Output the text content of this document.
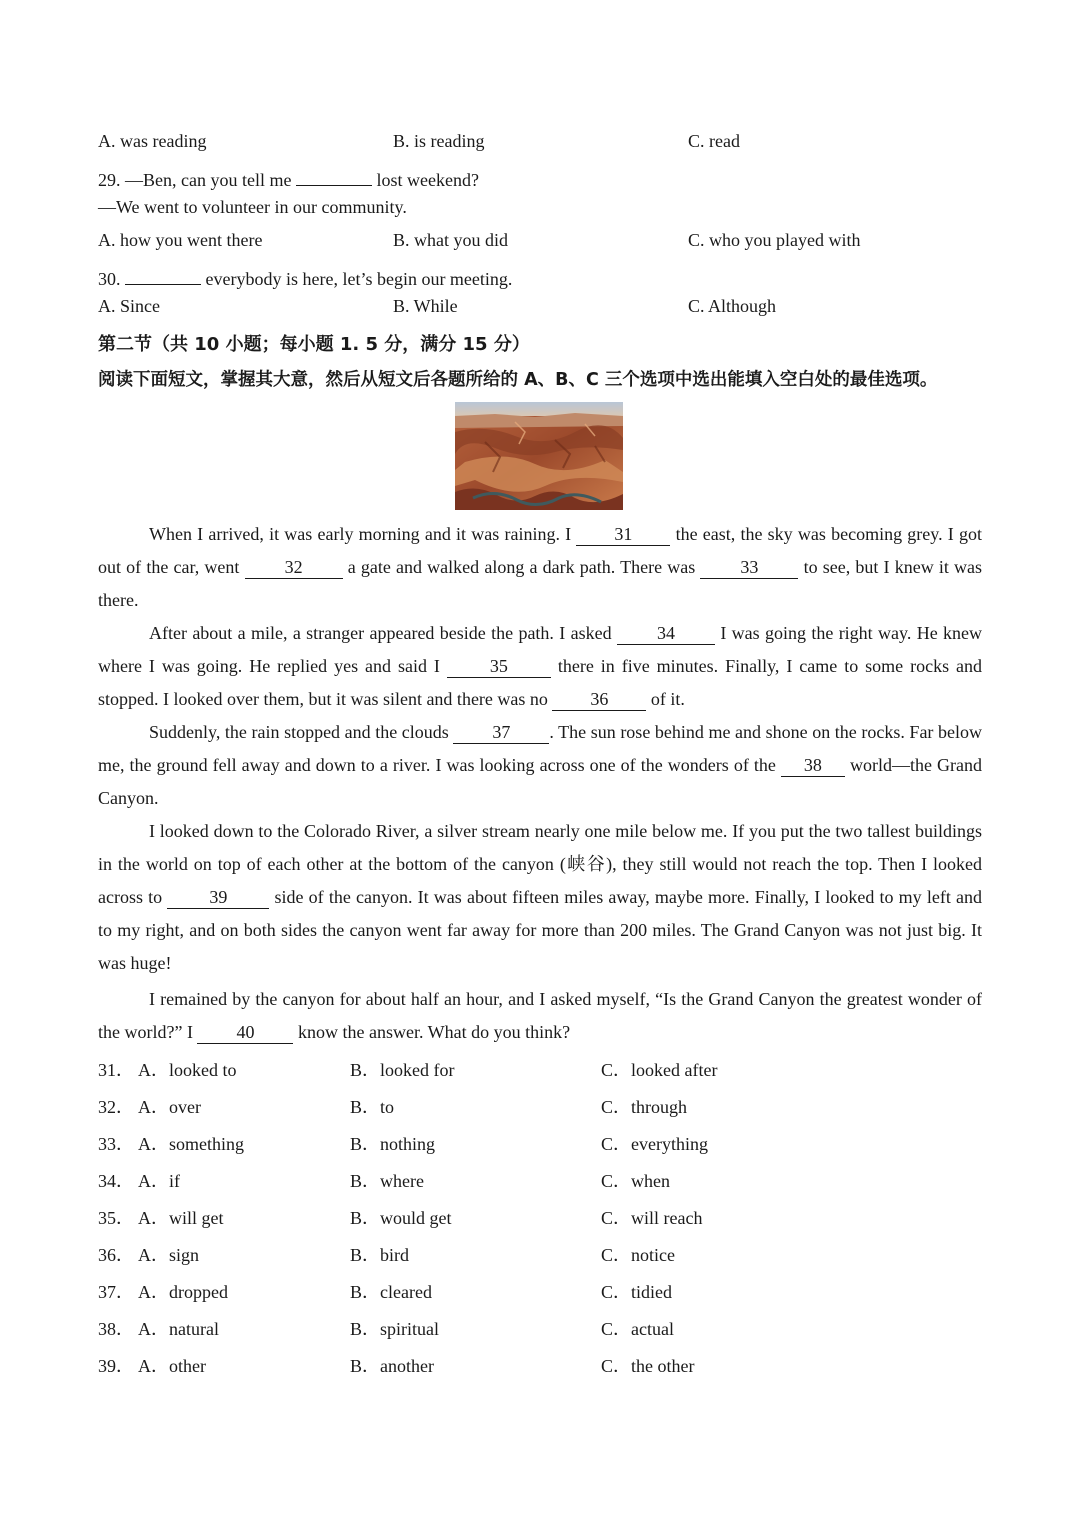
A. was reading	B. is reading	C. read
29. —Ben, can you tell me	lost weekend?
—We went to volunteer in our community.
A. how you went there	B. what you did	C. who you played with
30.	everybody is here, let’s begin our meeting.
A. Since	B. While	C. Although
第二节（共 10 小题；每小题 1. 5 分，满分 15 分）
阅读下面短文，掌握其大意，然后从短文后各题所给的 A、B、C 三个选项中选出能填入空白处的最佳选项。
When I arrived, it was early morning and it was raining. I 31 the east, the sky was becoming grey. I got out of the car, went	32	a gate and walked along a dark path. There was	33	to see, but I knew it was there.
After about a mile, a stranger appeared beside the path. I asked	34	I was going the right way. He knew where I was going. He replied yes and said I	35	there in five minutes. Finally, I came to some rocks and stopped. I looked over them, but it was silent and there was no 36 of it.
Suddenly, the rain stopped and the clouds 37 . The sun rose behind me and shone on the rocks. Far below me, the ground fell away and down to a river. I was looking across one of the wonders of the 38 world—the Grand Canyon.
I looked down to the Colorado River, a silver stream nearly one mile below me. If you put the two tallest buildings in the world on top of each other at the bottom of the canyon (峡谷), they still would not reach the top. Then I looked across to	39	side of the canyon. It was about fifteen miles away, maybe more. Finally, I looked to my left and to my right, and on both sides the canyon went far away for more than 200 miles. The Grand Canyon was not just big. It was huge!
I remained by the canyon for about half an hour, and I asked myself, “Is the Grand Canyon the greatest wonder of the world?” I 40 know the answer. What do you think?
31． A．looked to	B．looked for	C．looked after
32． A．over	B．to	C．through
33． A．something	B．nothing	C．everything
34． A．if	B．where	C．when
35． A．will get	B．would get	C．will reach
36． A．sign	B．bird	C．notice
37． A．dropped	B．cleared	C．tidied
38． A．natural	B．spiritual	C．actual
39． A．other	B．another	C．the other
